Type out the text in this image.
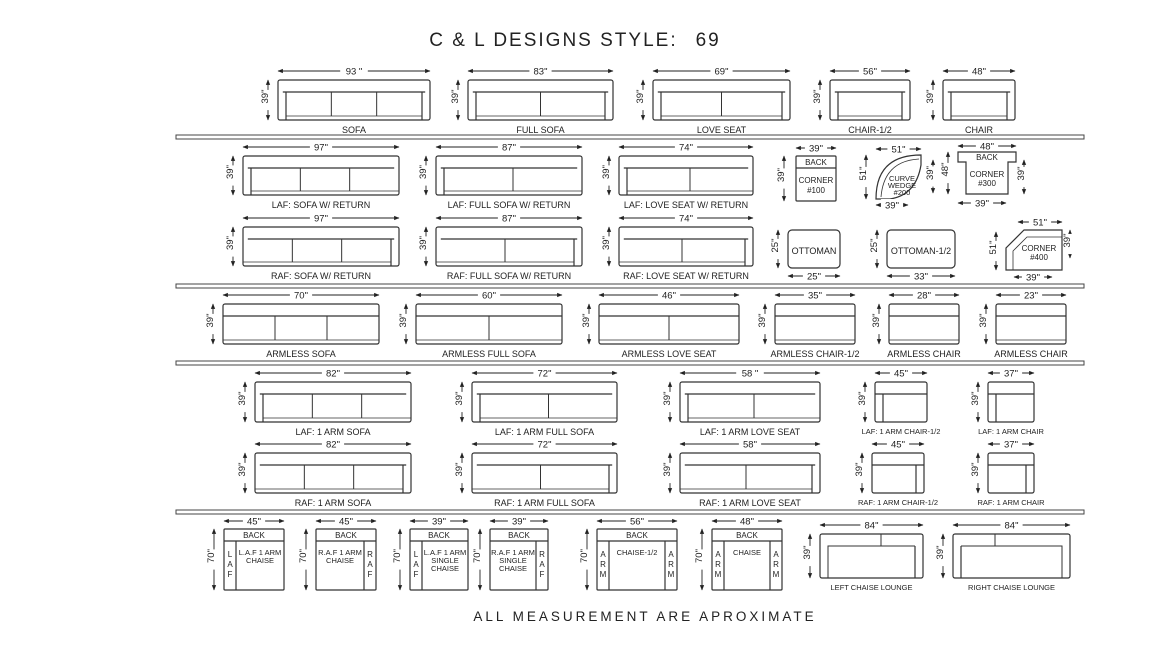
C & L DESIGNS STYLE: 69
93 "
39"
SOFA
83"
39"
FULL SOFA
69"
39"
LOVE SEAT
56"
39"
CHAIR-1/2
48"
39"
CHAIR
97"
39"
LAF: SOFA W/ RETURN
87"
39"
LAF: FULL SOFA W/ RETURN
74"
39"
LAF: LOVE SEAT W/ RETURN
97"
39"
RAF: SOFA W/ RETURN
87"
39"
RAF: FULL SOFA W/ RETURN
74"
39"
RAF: LOVE SEAT W/ RETURN
BACK
CORNER
#100
39"
39"	CURVE
WEDGE
#200
51"
51"	39"
39"
BACK
CORNER
#300
48"
48"	39"
39"
OTTOMAN
25"
25"
OTTOMAN-1/2
25"
33"
CORNER
#400
51"
51"
39"
39"
70"
39"
ARMLESS SOFA
60"
39"
ARMLESS FULL SOFA
46"
39"
ARMLESS LOVE SEAT
35"
39"
ARMLESS CHAIR-1/2
28"
39"
ARMLESS CHAIR
23"
39"
ARMLESS CHAIR
82"
39"
LAF: 1 ARM SOFA
72"
39"
LAF: 1 ARM FULL SOFA
58 "
39"
LAF: 1 ARM LOVE SEAT
45"
39"
LAF: 1 ARM CHAIR-1/2
37"
39"
LAF: 1 ARM CHAIR
82"
39"
RAF: 1 ARM SOFA
72"
39"
RAF: 1 ARM FULL SOFA
58"
39"
RAF: 1 ARM LOVE SEAT
45"
39"
RAF: 1 ARM CHAIR-1/2
37"
39"
RAF: 1 ARM CHAIR
BACK
L
A
F
L.A.F 1 ARM
CHAISE
45"
70"
BACK
R
A
F
R.A.F 1 ARM
CHAISE
45"
70"
BACK
L
A
F
L.A.F 1 ARM
SINGLE
CHAISE
39"
70"
BACK
R
A
F
R.A.F 1 ARM
SINGLE
CHAISE
39"
70"
BACK
A
R
M
A
R
M
CHAISE-1/2
56"
70"
BACK
A
R
M
A
R
M
CHAISE
48"
70"
84"
39"
LEFT CHAISE LOUNGE
84"
39"
RIGHT CHAISE LOUNGE
ALL MEASUREMENT ARE APROXIMATE
